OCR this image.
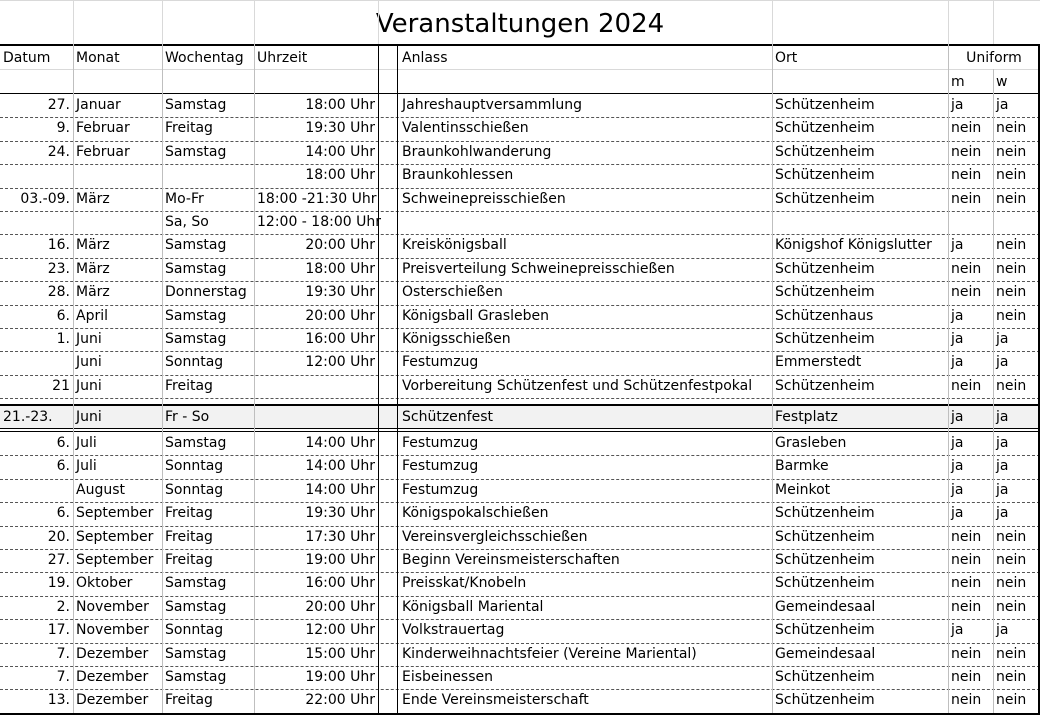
Veranstaltungen 2024
Datum	Monat	Wochentag Uhrzeit	Anlass	Ort	Uniform
m	w
27. Januar	Samstag	18:00 Uhr Jahreshauptversammlung	Schützenheim	ja	ja
9. Februar	Freitag	19:30 Uhr Valentinsschießen	Schützenheim	nein	nein
24. Februar	Samstag	14:00 Uhr Braunkohlwanderung	Schützenheim	nein	nein
18:00 Uhr Braunkohlessen	Schützenheim	nein	nein
03.-09. März	Mo-Fr	18:00 -21:30 Uhr Schweinepreisschießen	Schützenheim	nein	nein
Sa, So	12:00 - 18:00 Uhr
16. März	Samstag	20:00 Uhr Kreiskönigsball	Königshof Königslutter	ja	nein
23. März	Samstag	18:00 Uhr Preisverteilung Schweinepreisschießen	Schützenheim	nein	nein
28. März	Donnerstag	19:30 Uhr Osterschießen	Schützenheim	nein	nein
6. April	Samstag	20:00 Uhr Königsball Grasleben	Schützenhaus	ja	nein
1. Juni	Samstag	16:00 Uhr Königsschießen	Schützenheim	ja	ja
Juni	Sonntag	12:00 Uhr Festumzug	Emmerstedt	ja	ja
21 Juni	Freitag	Vorbereitung Schützenfest und Schützenfestpokal	Schützenheim	nein	nein
21.-23.	Juni	Fr - So	Schützenfest	Festplatz	ja	ja
6. Juli	Samstag	14:00 Uhr Festumzug	Grasleben	ja	ja
6. Juli	Sonntag	14:00 Uhr Festumzug	Barmke	ja	ja
August	Sonntag	14:00 Uhr Festumzug	Meinkot	ja	ja
6. September Freitag	19:30 Uhr Königspokalschießen	Schützenheim	ja	ja
20. September Freitag	17:30 Uhr Vereinsvergleichsschießen	Schützenheim	nein	nein
27. September Freitag	19:00 Uhr Beginn Vereinsmeisterschaften	Schützenheim	nein	nein
19. Oktober	Samstag	16:00 Uhr Preisskat/Knobeln	Schützenheim	nein	nein
2. November	Samstag	20:00 Uhr Königsball Mariental	Gemeindesaal	nein	nein
17. November	Sonntag	12:00 Uhr Volkstrauertag	Schützenheim	ja	ja
7. Dezember	Samstag	15:00 Uhr Kinderweihnachtsfeier (Vereine Mariental)	Gemeindesaal	nein	nein
7. Dezember	Samstag	19:00 Uhr Eisbeinessen	Schützenheim	nein	nein
13. Dezember	Freitag	22:00 Uhr Ende Vereinsmeisterschaft	Schützenheim	nein	nein
